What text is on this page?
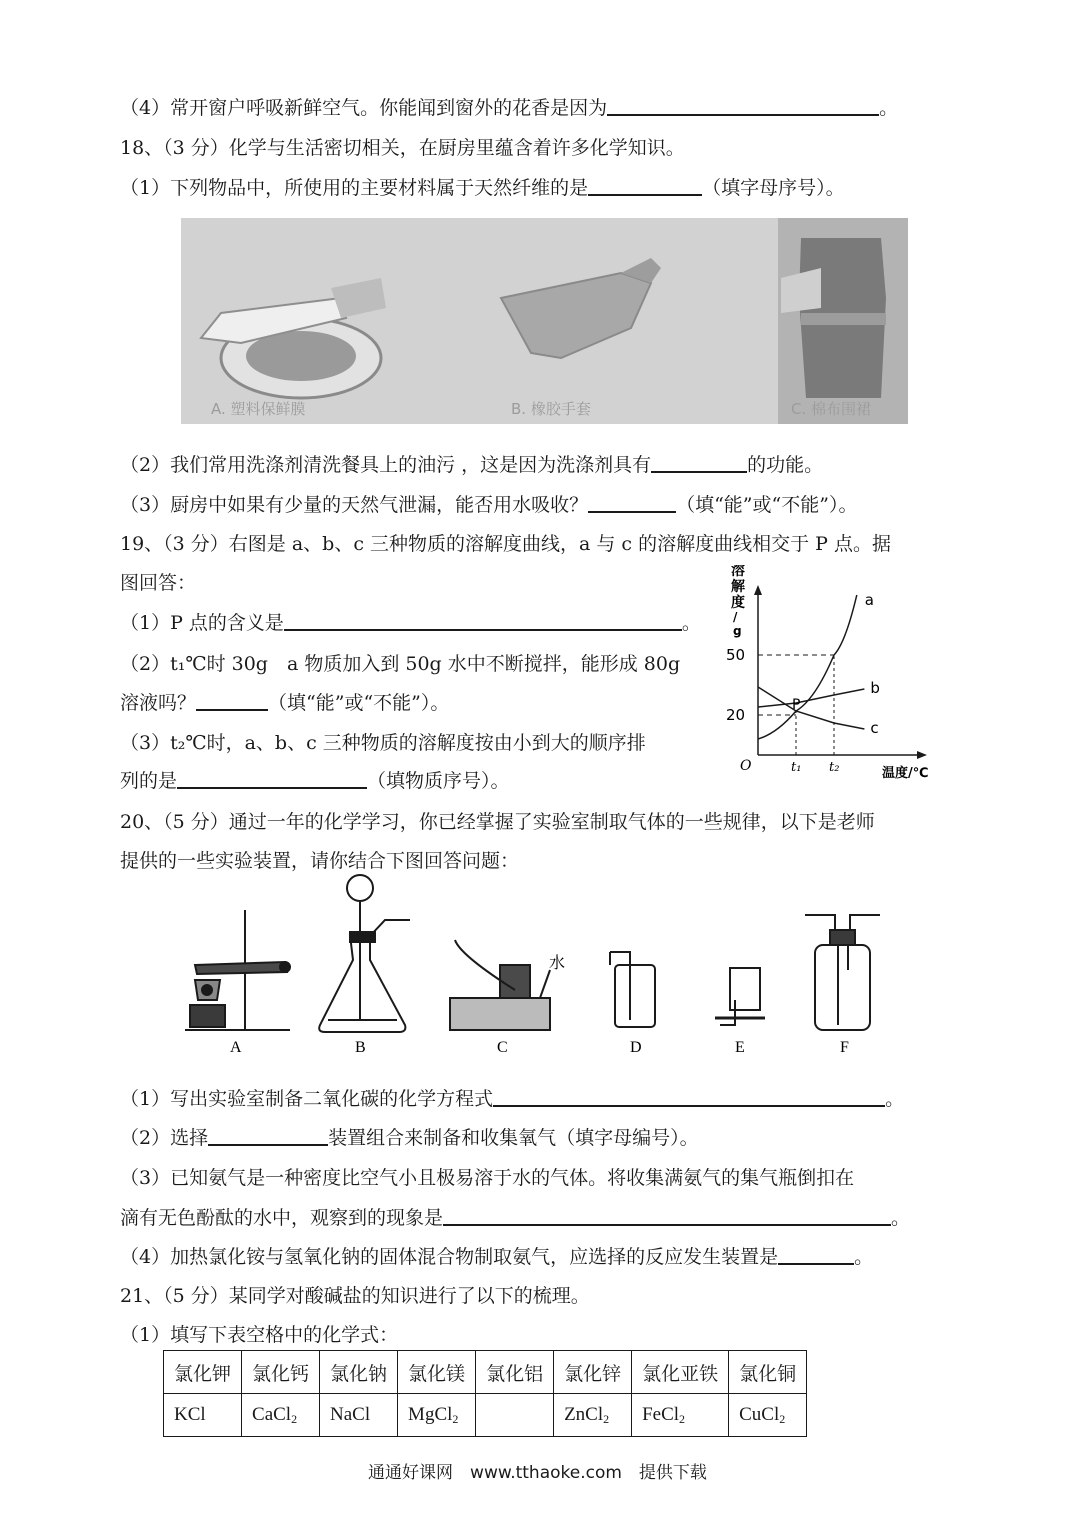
（4）常开窗户呼吸新鲜空气。你能闻到窗外的花香是因为	。
18、（3 分）化学与生活密切相关，在厨房里蕴含着许多化学知识。
（1）下列物品中，所使用的主要材料属于天然纤维的是	（填字母序号）。
A. 塑料保鲜膜	B. 橡胶手套	C. 棉布围裙
（2）我们常用洗涤剂清洗餐具上的油污 ，这是因为洗涤剂具有	的功能。
（3）厨房中如果有少量的天然气泄漏，能否用水吸收？	（填“能”或“不能”）。
19、（3 分）右图是 a、b、c 三种物质的溶解度曲线，a 与 c 的溶解度曲线相交于 P 点。据
图回答：
（1）P 点的含义是	。
（2）t₁℃时 30g　a 物质加入到 50g 水中不断搅拌，能形成 80g
溶液吗？	（填“能”或“不能”）。
（3）t₂℃时，a、b、c 三种物质的溶解度按由小到大的顺序排
列的是	（填物质序号）。
溶
解
度
/
g
O	温度/℃
20
50
t₁ t₂
a
b
c
P
20、（5 分）通过一年的化学学习，你已经掌握了实验室制取气体的一些规律，以下是老师
提供的一些实验装置，请你结合下图回答问题：
A	B	C	D	E	F
水
（1）写出实验室制备二氧化碳的化学方程式	。
（2）选择	装置组合来制备和收集氧气（填字母编号）。
（3）已知氨气是一种密度比空气小且极易溶于水的气体。将收集满氨气的集气瓶倒扣在
滴有无色酚酞的水中，观察到的现象是	。
（4）加热氯化铵与氢氧化钠的固体混合物制取氨气，应选择的反应发生装置是	。
21、（5 分）某同学对酸碱盐的知识进行了以下的梳理。
（1）填写下表空格中的化学式：
氯化钾	氯化钙	氯化钠	氯化镁	氯化铝	氯化锌	氯化亚铁	氯化铜
KCl	CaCl$_2$	NaCl	MgCl$_2$		ZnCl$_2$	FeCl$_2$	CuCl$_2$
通通好课网　www.tthaoke.com　提供下载
